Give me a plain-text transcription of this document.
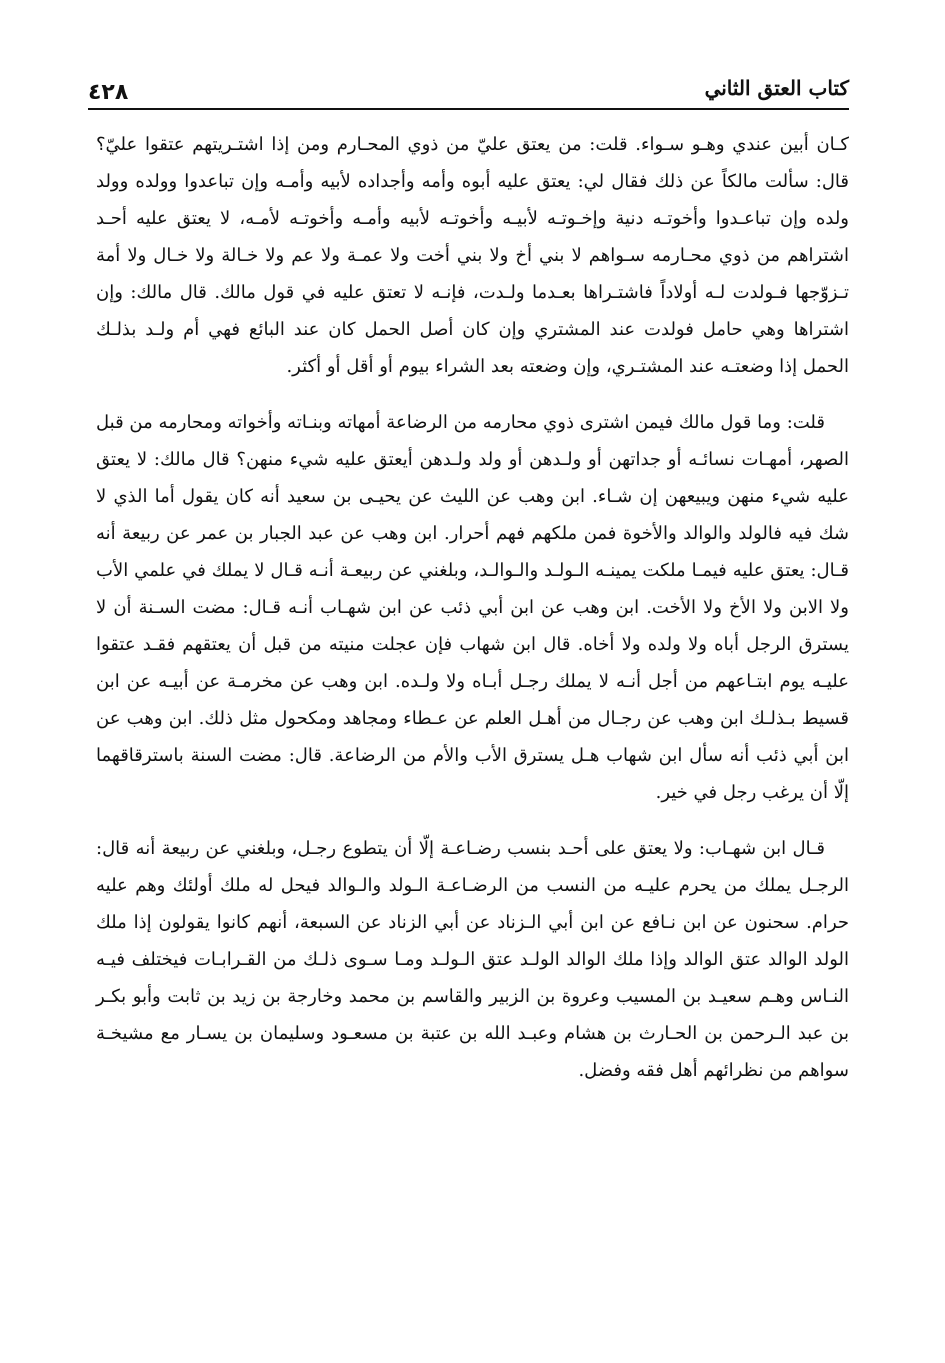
٤٢٨	كتاب العتق الثاني

كـان أبين عندي وهـو سـواء. قلت: من يعتق عليّ من ذوي المحـارم ومن إذا اشتـريتهم عتقوا عليّ؟ قال: سألت مالكاً عن ذلك فقال لي: يعتق عليه أبوه وأمه وأجداده لأبيه وأمـه وإن تباعدوا وولده وولد ولده وإن تباعـدوا وأخوتـه دنية وإخـوتـه لأبيـه وأخوتـه لأبيه وأمـه وأخوتـه لأمـه، لا يعتق عليه أحـد اشتراهم من ذوي محـارمه سـواهم لا بني أخ ولا بني أخت ولا عمـة ولا عم ولا خـالة ولا خـال ولا أمة تـزوّجها فـولدت لـه أولاداً فاشتـراها بعـدما ولـدت، فإنـه لا تعتق عليه في قول مالك. قال مالك: وإن اشتراها وهي حامل فولدت عند المشتري وإن كان أصل الحمل كان عند البائع فهي أم ولـد بذلـك الحمل إذا وضعتـه عند المشتـري، وإن وضعته بعد الشراء بيوم أو أقل أو أكثر.

قلت: وما قول مالك فيمن اشترى ذوي محارمه من الرضاعة أمهاته وبنـاته وأخواته ومحارمه من قبل الصهر، أمهـات نسائـه أو جداتهن أو ولـدهن أو ولد ولـدهن أيعتق عليه شيء منهن؟ قال مالك: لا يعتق عليه شيء منهن ويبيعهن إن شـاء. ابن وهب عن الليث عن يحيـى بن سعيد أنه كان يقول أما الذي لا شك فيه فالولد والوالد والأخوة فمن ملكهم فهم أحرار. ابن وهب عن عبد الجبار بن عمر عن ربيعة أنه قـال: يعتق عليه فيمـا ملكت يمينـه الـولـد والـوالـد، وبلغني عن ربيعـة أنـه قـال لا يملك في علمي الأب ولا الابن ولا الأخ ولا الأخت. ابن وهب عن ابن أبي ذئب عن ابن شهـاب أنـه قـال: مضت السـنة أن لا يسترق الرجل أباه ولا ولده ولا أخاه. قال ابن شهاب فإن عجلت منيته من قبل أن يعتقهم فقـد عتقوا عليـه يوم ابتـاعهم من أجل أنـه لا يملك رجـل أبـاه ولا ولـده. ابن وهب عن مخرمـة عن أبيـه عن ابن قسيط بـذلـك ابن وهب عن رجـال من أهـل العلم عن عـطاء ومجاهد ومكحول مثل ذلك. ابن وهب عن ابن أبي ذئب أنه سأل ابن شهاب هـل يسترق الأب والأم من الرضاعة. قال: مضت السنة باسترقاقهما إلّا أن يرغب رجل في خير.

قـال ابن شهـاب: ولا يعتق على أحـد بنسب رضـاعـة إلّا أن يتطوع رجـل، وبلغني عن ربيعة أنه قال: الرجـل يملك من يحرم عليـه من النسب من الرضـاعـة الـولد والـوالد فيحل له ملك أولئك وهم عليه حرام. سحنون عن ابن نـافع عن ابن أبي الـزناد عن أبي الزناد عن السبعة، أنهم كانوا يقولون إذا ملك الولد الوالد عتق الوالد وإذا ملك الوالد الولـد عتق الـولـد ومـا سـوى ذلـك من القـرابـات فيختلف فيـه النـاس وهـم سعيـد بن المسيب وعروة بن الزبير والقاسم بن محمد وخارجة بن زيد بن ثابت وأبو بكـر بن عبد الـرحمن بن الحـارث بن هشام وعبـد الله بن عتبة بن مسعـود وسليمان بن يسـار مع مشيخـة سواهم من نظرائهم أهل فقه وفضل.
